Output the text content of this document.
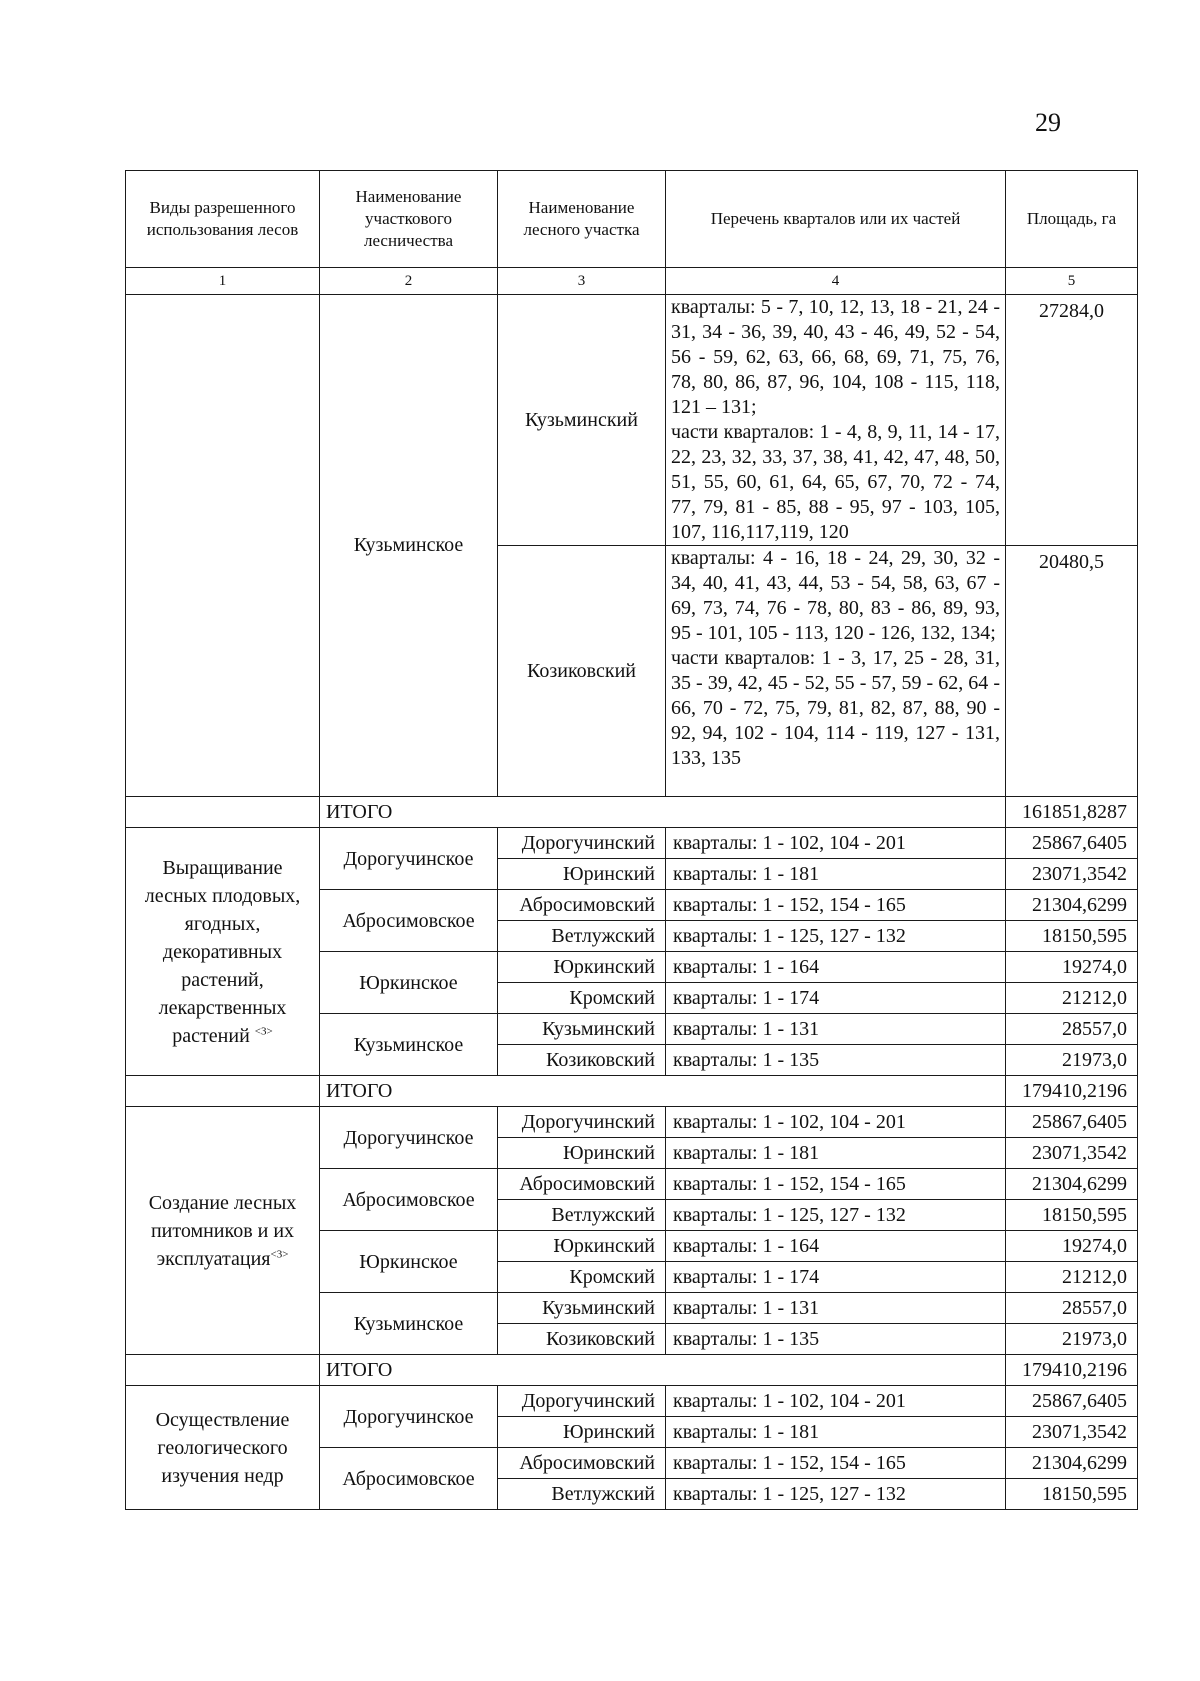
29
Виды разрешенного использования лесов	Наименование участкового лесничества	Наименование лесного участка	Перечень кварталов или их частей	Площадь, га
1	2	3	4	5
	Кузьминское	Кузьминский	кварталы: 5 - 7, 10, 12, 13, 18 - 21, 24 - 31, 34 - 36, 39, 40, 43 - 46, 49, 52 - 54, 56 - 59, 62, 63, 66, 68, 69, 71, 75, 76, 78, 80, 86, 87, 96, 104, 108 - 115, 118, 121 – 131;
части кварталов: 1 - 4, 8, 9, 11, 14 - 17, 22, 23, 32, 33, 37, 38, 41, 42, 47, 48, 50, 51, 55, 60, 61, 64, 65, 67, 70, 72 - 74, 77, 79, 81 - 85, 88 - 95, 97 - 103, 105, 107, 116,117,119, 120	27284,0
		Козиковский	кварталы: 4 - 16, 18 - 24, 29, 30, 32 - 34, 40, 41, 43, 44, 53 - 54, 58, 63, 67 - 69, 73, 74, 76 - 78, 80, 83 - 86, 89, 93, 95 - 101, 105 - 113, 120 - 126, 132, 134;
части кварталов: 1 - 3, 17, 25 - 28, 31, 35 - 39, 42, 45 - 52, 55 - 57, 59 - 62, 64 - 66, 70 - 72, 75, 79, 81, 82, 87, 88, 90 - 92, 94, 102 - 104, 114 - 119, 127 - 131, 133, 135	20480,5
	ИТОГО			161851,8287
Выращивание лесных плодовых, ягодных, декоративных растений, лекарственных растений $^{<3>}$	Дорогучинское	Дорогучинский	кварталы: 1 - 102, 104 - 201	25867,6405
		Юринский	кварталы: 1 - 181	23071,3542
	Абросимовское	Абросимовский	кварталы: 1 - 152, 154 - 165	21304,6299
		Ветлужский	кварталы: 1 - 125, 127 - 132	18150,595
	Юркинское	Юркинский	кварталы: 1 - 164	19274,0
		Кромский	кварталы: 1 - 174	21212,0
	Кузьминское	Кузьминский	кварталы: 1 - 131	28557,0
		Козиковский	кварталы: 1 - 135	21973,0
	ИТОГО			179410,2196
Создание лесных питомников и их эксплуатация$^{<3>}$	Дорогучинское	Дорогучинский	кварталы: 1 - 102, 104 - 201	25867,6405
		Юринский	кварталы: 1 - 181	23071,3542
	Абросимовское	Абросимовский	кварталы: 1 - 152, 154 - 165	21304,6299
		Ветлужский	кварталы: 1 - 125, 127 - 132	18150,595
	Юркинское	Юркинский	кварталы: 1 - 164	19274,0
		Кромский	кварталы: 1 - 174	21212,0
	Кузьминское	Кузьминский	кварталы: 1 - 131	28557,0
		Козиковский	кварталы: 1 - 135	21973,0
	ИТОГО			179410,2196
Осуществление геологического изучения недр	Дорогучинское	Дорогучинский	кварталы: 1 - 102, 104 - 201	25867,6405
		Юринский	кварталы: 1 - 181	23071,3542
	Абросимовское	Абросимовский	кварталы: 1 - 152, 154 - 165	21304,6299
		Ветлужский	кварталы: 1 - 125, 127 - 132	18150,595
